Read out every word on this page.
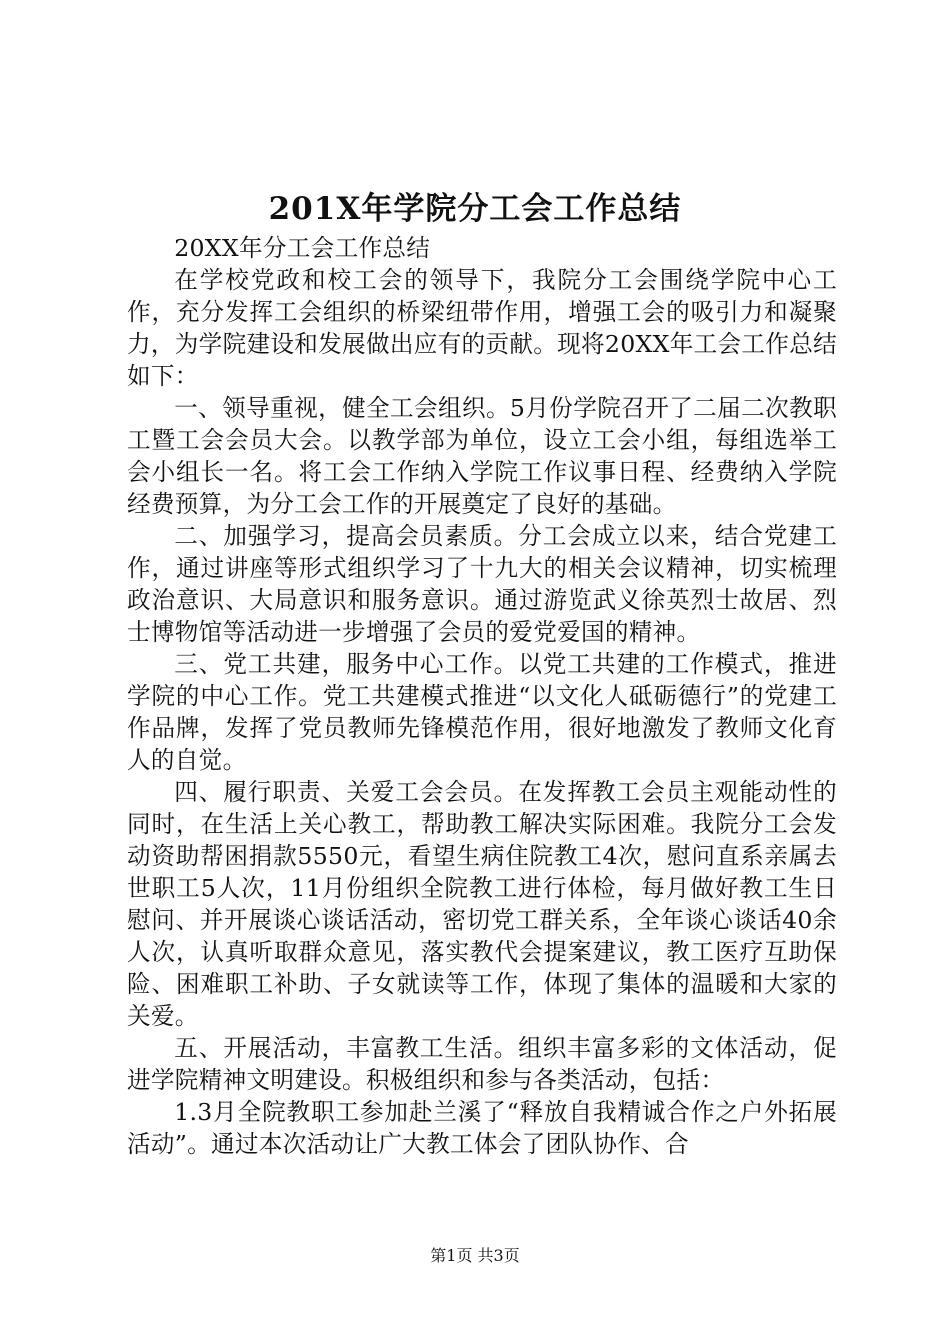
201X年学院分工会工作总结

20XX年分工会工作总结

在学校党政和校工会的领导下，我院分工会围绕学院中心工作，充分发挥工会组织的桥梁纽带作用，增强工会的吸引力和凝聚力，为学院建设和发展做出应有的贡献。现将20XX年工会工作总结如下：

一、领导重视，健全工会组织。5月份学院召开了二届二次教职工暨工会会员大会。以教学部为单位，设立工会小组，每组选举工会小组长一名。将工会工作纳入学院工作议事日程、经费纳入学院经费预算，为分工会工作的开展奠定了良好的基础。

二、加强学习，提高会员素质。分工会成立以来，结合党建工作，通过讲座等形式组织学习了十九大的相关会议精神，切实梳理政治意识、大局意识和服务意识。通过游览武义徐英烈士故居、烈士博物馆等活动进一步增强了会员的爱党爱国的精神。

三、党工共建，服务中心工作。以党工共建的工作模式，推进学院的中心工作。党工共建模式推进“以文化人砥砺德行”的党建工作品牌，发挥了党员教师先锋模范作用，很好地激发了教师文化育人的自觉。

四、履行职责、关爱工会会员。在发挥教工会员主观能动性的同时，在生活上关心教工，帮助教工解决实际困难。我院分工会发动资助帮困捐款5550元，看望生病住院教工4次，慰问直系亲属去世职工5人次，11月份组织全院教工进行体检，每月做好教工生日慰问、并开展谈心谈话活动，密切党工群关系，全年谈心谈话40余人次，认真听取群众意见，落实教代会提案建议，教工医疗互助保险、困难职工补助、子女就读等工作，体现了集体的温暖和大家的关爱。

五、开展活动，丰富教工生活。组织丰富多彩的文体活动，促进学院精神文明建设。积极组织和参与各类活动，包括：

1.3月全院教职工参加赴兰溪了“释放自我精诚合作之户外拓展活动”。通过本次活动让广大教工体会了团队协作、合

第1页 共3页
